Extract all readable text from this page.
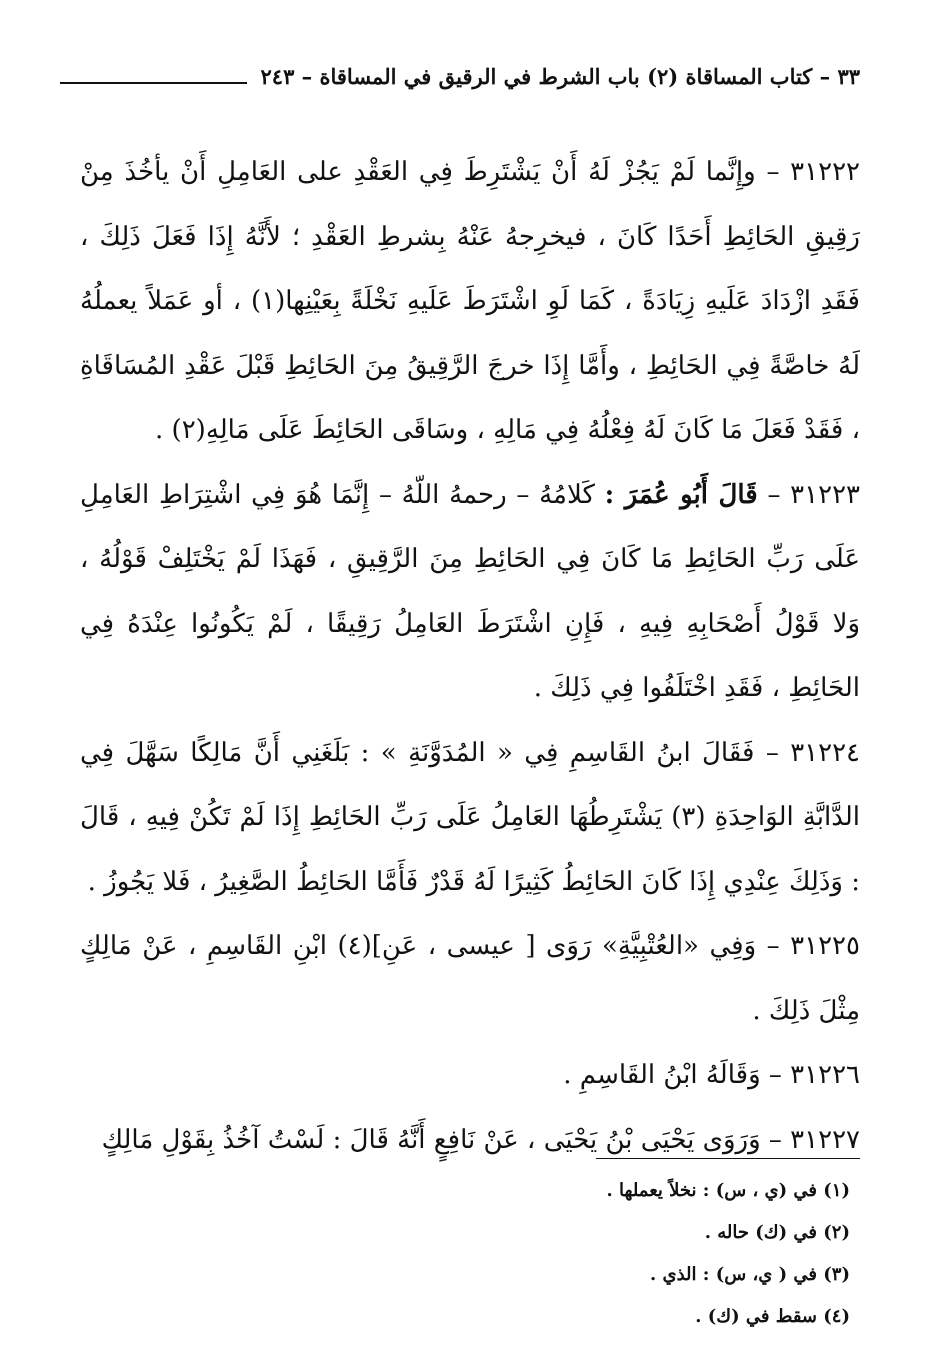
٣٣ – كتاب المساقاة (٢) باب الشرط في الرقيق في المساقاة – ٢٤٣

٣١٢٢٢ – وإِنَّما لَمْ يَجُزْ لَهُ أَنْ يَشْتَرِطَ فِي العَقْدِ على العَامِلِ أَنْ يأخُذَ مِنْ رَقِيقِ الحَائِطِ أَحَدًا كَانَ ، فيخرِجهُ عَنْهُ بِشرطِ العَقْدِ ؛ لأَنَّهُ إِذَا فَعَلَ ذَلِكَ ، فَقَدِ ازْدَادَ عَلَيهِ زِيَادَةً ، كَمَا لَوِ اشْتَرَطَ عَلَيهِ نَخْلَةً بِعَيْنِها(١) ، أو عَمَلاً يعملُهُ لَهُ خاصَّةً فِي الحَائِطِ ، وأَمَّا إِذَا خرجَ الرَّقِيقُ مِنَ الحَائِطِ قَبْلَ عَقْدِ المُسَاقَاةِ ، فَقَدْ فَعَلَ مَا كَانَ لَهُ فِعْلُهُ فِي مَالِهِ ، وسَاقَى الحَائِطَ عَلَى مَالِهِ(٢) .

٣١٢٢٣ – قَالَ أَبُو عُمَرَ : كَلامُهُ – رحمهُ اللّهُ – إِنَّمَا هُوَ فِي اشْتِرَاطِ العَامِلِ عَلَى رَبِّ الحَائِطِ مَا كَانَ فِي الحَائِطِ مِنَ الرَّقِيقِ ، فَهَذَا لَمْ يَخْتَلِفْ قَوْلُهُ ، وَلا قَوْلُ أَصْحَابِهِ فِيهِ ، فَإِنِ اشْتَرَطَ العَامِلُ رَقِيقًا ، لَمْ يَكُونُوا عِنْدَهُ فِي الحَائِطِ ، فَقَدِ اخْتَلَفُوا فِي ذَلِكَ .

٣١٢٢٤ – فَقَالَ ابنُ القَاسِمِ فِي « المُدَوَّنَةِ » : بَلَغَنِي أَنَّ مَالِكًا سَهَّلَ فِي الدَّابَّةِ الوَاحِدَةِ (٣) يَشْتَرِطُهَا العَامِلُ عَلَى رَبِّ الحَائِطِ إِذَا لَمْ تَكُنْ فِيهِ ، قَالَ : وَذَلِكَ عِنْدِي إِذَا كَانَ الحَائِطُ كَثِيرًا لَهُ قَدْرٌ فَأَمَّا الحَائِطُ الصَّغِيرُ ، فَلا يَجُوزُ .

٣١٢٢٥ – وَفِي «العُتْبِيَّةِ» رَوَى [ عيسى ، عَنِ](٤) ابْنِ القَاسِمِ ، عَنْ مَالِكٍ مِثْلَ ذَلِكَ .

٣١٢٢٦ – وَقَالَهُ ابْنُ القَاسِمِ .

٣١٢٢٧ – وَرَوَى يَحْيَى بْنُ يَحْيَى ، عَنْ نَافِعٍ أَنَّهُ قَالَ : لَسْتُ آخُذُ بِقَوْلِ مَالِكٍ

(١) في (ي ، س) : نخلاً يعملها .

(٢) في (ك) حاله .

(٣) في ( ي، س) : الذي .

(٤) سقط في (ك) .
